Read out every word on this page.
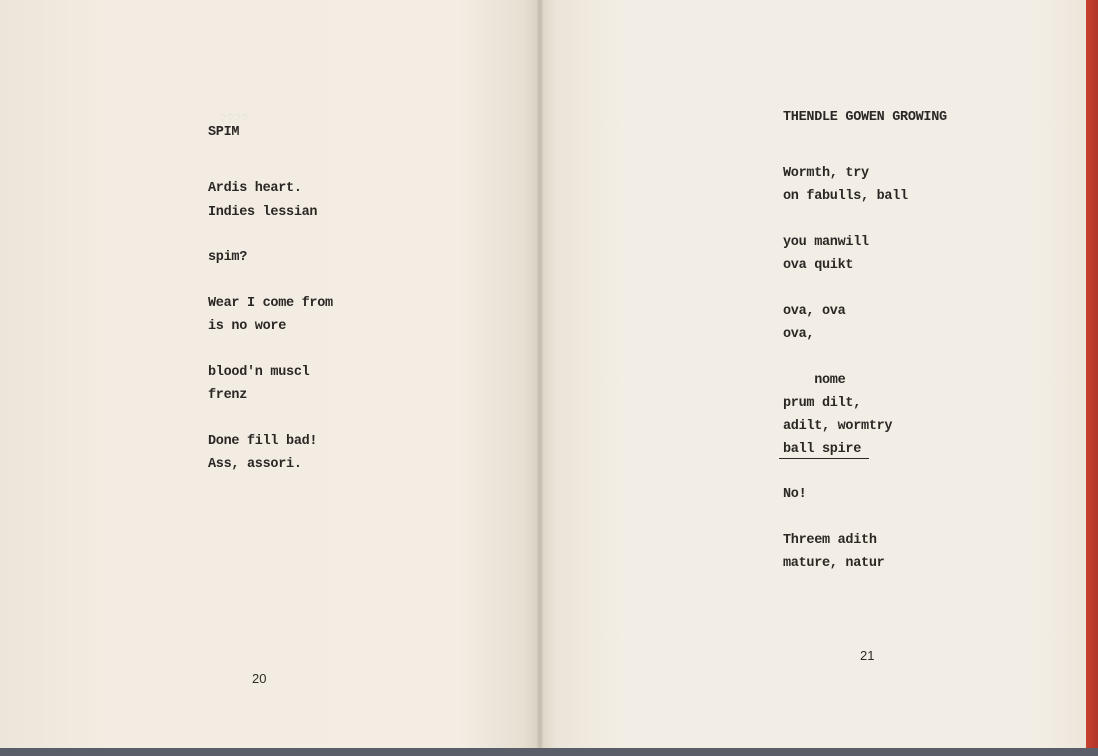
????

SPIM

Ardis heart.

Indies lessian

spim?

Wear I come from

is no wore

blood'n muscl

frenz

Done fill bad!

Ass, assori.

20

THENDLE GOWEN GROWING

Wormth, try

on fabulls, ball

you manwill

ova quikt

ova, ova

ova,

nome

prum dilt,

adilt, wormtry

ball spire

No!

Threem adith

mature, natur

21
